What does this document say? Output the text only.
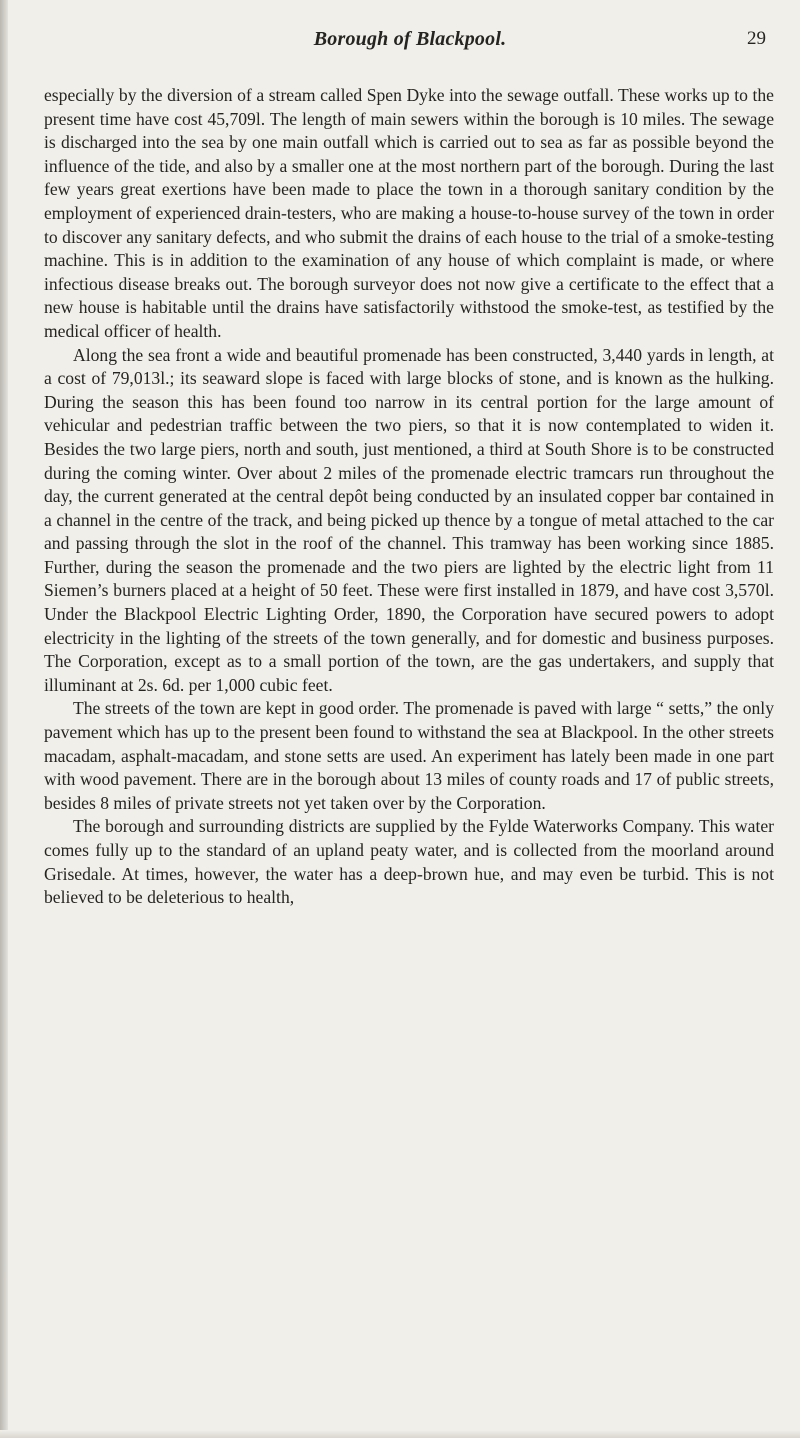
Borough of Blackpool.	29

especially by the diversion of a stream called Spen Dyke into the sewage outfall. These works up to the present time have cost 45,709l. The length of main sewers within the borough is 10 miles. The sewage is discharged into the sea by one main outfall which is carried out to sea as far as possible beyond the influence of the tide, and also by a smaller one at the most northern part of the borough. During the last few years great exertions have been made to place the town in a thorough sanitary condition by the employment of experienced drain-testers, who are making a house-to-house survey of the town in order to discover any sanitary defects, and who submit the drains of each house to the trial of a smoke-testing machine. This is in addition to the examination of any house of which complaint is made, or where infectious disease breaks out. The borough surveyor does not now give a certificate to the effect that a new house is habitable until the drains have satisfactorily withstood the smoke-test, as testified by the medical officer of health.

Along the sea front a wide and beautiful promenade has been constructed, 3,440 yards in length, at a cost of 79,013l.; its seaward slope is faced with large blocks of stone, and is known as the hulking. During the season this has been found too narrow in its central portion for the large amount of vehicular and pedestrian traffic between the two piers, so that it is now contemplated to widen it. Besides the two large piers, north and south, just mentioned, a third at South Shore is to be constructed during the coming winter. Over about 2 miles of the promenade electric tramcars run throughout the day, the current generated at the central depôt being conducted by an insulated copper bar contained in a channel in the centre of the track, and being picked up thence by a tongue of metal attached to the car and passing through the slot in the roof of the channel. This tramway has been working since 1885. Further, during the season the promenade and the two piers are lighted by the electric light from 11 Siemen’s burners placed at a height of 50 feet. These were first installed in 1879, and have cost 3,570l. Under the Blackpool Electric Lighting Order, 1890, the Corporation have secured powers to adopt electricity in the lighting of the streets of the town generally, and for domestic and business purposes. The Corporation, except as to a small portion of the town, are the gas undertakers, and supply that illuminant at 2s. 6d. per 1,000 cubic feet.

The streets of the town are kept in good order. The promenade is paved with large “ setts,” the only pavement which has up to the present been found to withstand the sea at Blackpool. In the other streets macadam, asphalt-macadam, and stone setts are used. An experiment has lately been made in one part with wood pavement. There are in the borough about 13 miles of county roads and 17 of public streets, besides 8 miles of private streets not yet taken over by the Corporation.

The borough and surrounding districts are supplied by the Fylde Waterworks Company. This water comes fully up to the standard of an upland peaty water, and is collected from the moorland around Grisedale. At times, however, the water has a deep-brown hue, and may even be turbid. This is not believed to be deleterious to health,
